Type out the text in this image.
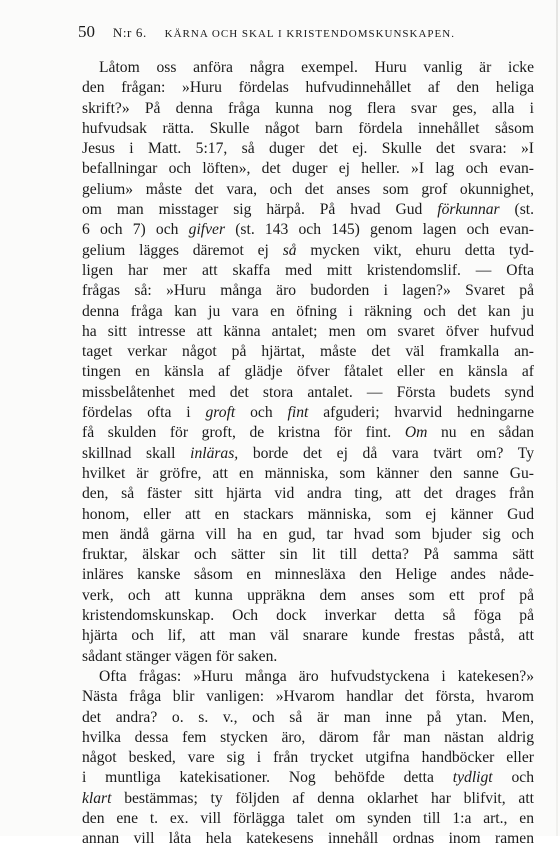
50 N:r 6. KÄRNA OCH SKAL I KRISTENDOMSKUNSKAPEN.
Låtom oss anföra några exempel. Huru vanlig är icke
den frågan: »Huru fördelas hufvudinnehållet af den heliga
skrift?» På denna fråga kunna nog flera svar ges, alla i
hufvudsak rätta. Skulle något barn fördela innehållet såsom
Jesus i Matt. 5:17, så duger det ej. Skulle det svara: »I
befallningar och löften», det duger ej heller. »I lag och evan-
gelium» måste det vara, och det anses som grof okunnighet,
om man misstager sig härpå. På hvad Gud förkunnar (st.
6 och 7) och gifver (st. 143 och 145) genom lagen och evan-
gelium lägges däremot ej så mycken vikt, ehuru detta tyd-
ligen har mer att skaffa med mitt kristendomslif. — Ofta
frågas så: »Huru många äro budorden i lagen?» Svaret på
denna fråga kan ju vara en öfning i räkning och det kan ju
ha sitt intresse att känna antalet; men om svaret öfver hufvud
taget verkar något på hjärtat, måste det väl framkalla an-
tingen en känsla af glädje öfver fåtalet eller en känsla af
missbelåtenhet med det stora antalet. — Första budets synd
fördelas ofta i groft och fint afguderi; hvarvid hedningarne
få skulden för groft, de kristna för fint. Om nu en sådan
skillnad skall inläras, borde det ej då vara tvärt om? Ty
hvilket är gröfre, att en människa, som känner den sanne Gu-
den, så fäster sitt hjärta vid andra ting, att det drages från
honom, eller att en stackars människa, som ej känner Gud
men ändå gärna vill ha en gud, tar hvad som bjuder sig och
fruktar, älskar och sätter sin lit till detta? På samma sätt
inläres kanske såsom en minnesläxa den Helige andes nåde-
verk, och att kunna uppräkna dem anses som ett prof på
kristendomskunskap. Och dock inverkar detta så föga på
hjärta och lif, att man väl snarare kunde frestas påstå, att
sådant stänger vägen för saken.
Ofta frågas: »Huru många äro hufvudstyckena i katekesen?»
Nästa fråga blir vanligen: »Hvarom handlar det första, hvarom
det andra? o. s. v., och så är man inne på ytan. Men,
hvilka dessa fem stycken äro, därom får man nästan aldrig
något besked, vare sig i från trycket utgifna handböcker eller
i muntliga katekisationer. Nog behöfde detta tydligt och
klart bestämmas; ty följden af denna oklarhet har blifvit, att
den ene t. ex. vill förlägga talet om synden till 1:a art., en
annan vill låta hela katekesens innehåll ordnas inom ramen
